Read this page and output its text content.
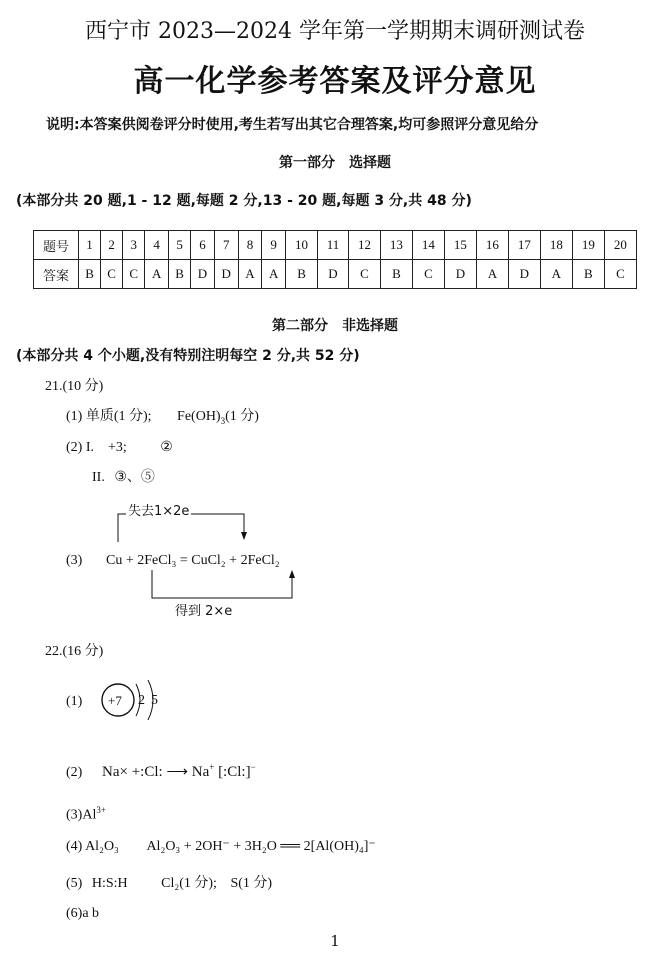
西宁市 2023—2024 学年第一学期期末调研测试卷
高一化学参考答案及评分意见
说明:本答案供阅卷评分时使用,考生若写出其它合理答案,均可参照评分意见给分
第一部分　选择题
(本部分共 20 题,1 - 12 题,每题 2 分,13 - 20 题,每题 3 分,共 48 分)
题号	1	2	3	4	5	6	7	8	9	10	11	12	13	14	15	16	17	18	19	20
答案	B	C	C	A	B	D	D	A	A	B	D	C	B	C	D	A	D	A	B	C
第二部分　非选择题
(本部分共 4 个小题,没有特别注明每空 2 分,共 52 分)
21.(10 分)
(1) 单质(1 分); $Fe(OH)_3(1$ 分)
(2) I.　+3; ②
II. ③、⑤
(3)
失去1×2e
Cu + 2FeCl₃ = CuCl₂ + 2FeCl₂
得到 2×e
22.(16 分)
(1) +7 2 5
(2) Na× +:Cl: ⟶ Na+ [:Cl:]−
$(3)Al^{3+}$
(4) Al₂O₃ Al₂O₃ + 2OH⁻ + 3H₂O ══ 2[Al(OH)₄]⁻
(5) H:S:H Cl₂(1 分); S(1 分)
(6)a b
1
